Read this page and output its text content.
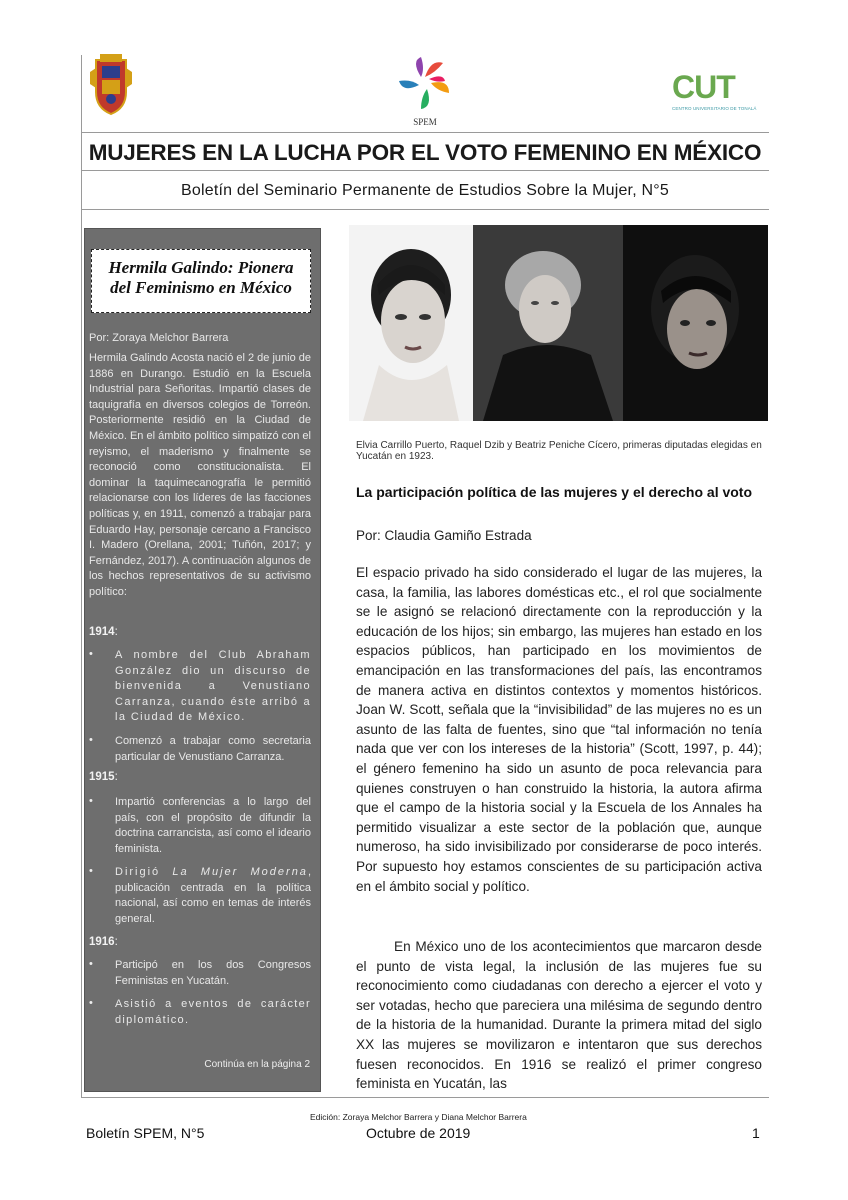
SPEM
CUT
CENTRO UNIVERSITARIO DE TONALÁ
MUJERES EN LA LUCHA POR EL VOTO FEMENINO EN MÉXICO
Boletín del Seminario Permanente de Estudios Sobre la Mujer, N°5
Hermila Galindo: Pionera
del Feminismo en México
Por: Zoraya Melchor Barrera
Hermila Galindo Acosta nació el 2 de junio de 1886 en Durango. Estudió en la Escuela Industrial para Señoritas. Impartió clases de taquigrafía en diversos colegios de Torreón. Posteriormente residió en la Ciudad de México. En el ámbito político simpatizó con el reyismo, el maderismo y finalmente se reconoció como constitucionalista. El dominar la taquimecanografía le permitió relacionarse con los líderes de las facciones políticas y, en 1911, comenzó a trabajar para Eduardo Hay, personaje cercano a Francisco I. Madero (Orellana, 2001; Tuñón, 2017; y Fernández, 2017). A continuación algunos de los hechos representativos de su activismo político:
1914:
•	A nombre del Club Abraham González dio un discurso de bienvenida a Venustiano Carranza, cuando éste arribó a la Ciudad de México.
•	Comenzó a trabajar como secretaria particular de Venustiano Carranza.
1915:
•	Impartió conferencias a lo largo del país, con el propósito de difundir la doctrina carrancista, así como el ideario feminista.
•	Dirigió La Mujer Moderna, publicación centrada en la política nacional, así como en temas de interés general.
1916:
•	Participó en los dos Congresos Feministas en Yucatán.
•	Asistió a eventos de carácter diplomático.
Continúa en la página 2
Elvia Carrillo Puerto, Raquel Dzib y Beatriz Peniche Cícero, primeras diputadas elegidas en Yucatán en 1923.
La participación política de las mujeres y el derecho al voto
Por: Claudia Gamiño Estrada
El espacio privado ha sido considerado el lugar de las mujeres, la casa, la familia, las labores domésticas etc., el rol que socialmente se le asignó se relacionó directamente con la reproducción y la educación de los hijos; sin embargo, las mujeres han estado en los espacios públicos, han participado en los movimientos de emancipación en las transformaciones del país, las encontramos de manera activa en distintos contextos y momentos históricos. Joan W. Scott, señala que la “invisibilidad” de las mujeres no es un asunto de las falta de fuentes, sino que “tal información no tenía nada que ver con los intereses de la historia” (Scott, 1997, p. 44); el género femenino ha sido un asunto de poca relevancia para quienes construyen o han construido la historia, la autora afirma que el campo de la historia social y la Escuela de los Annales ha permitido visualizar a este sector de la población que, aunque numeroso, ha sido invisibilizado por considerarse de poco interés. Por supuesto hoy estamos conscientes de su participación activa en el ámbito social y político.
En México uno de los acontecimientos que marcaron desde el punto de vista legal, la inclusión de las mujeres fue su reconocimiento como ciudadanas con derecho a ejercer el voto y ser votadas, hecho que pareciera una milésima de segundo dentro de la historia de la humanidad. Durante la primera mitad del siglo XX las mujeres se movilizaron e intentaron que sus derechos fuesen reconocidos. En 1916 se realizó el primer congreso feminista en Yucatán, las
Edición: Zoraya Melchor Barrera y Diana Melchor Barrera
Boletín SPEM, N°5	Octubre de 2019	1
